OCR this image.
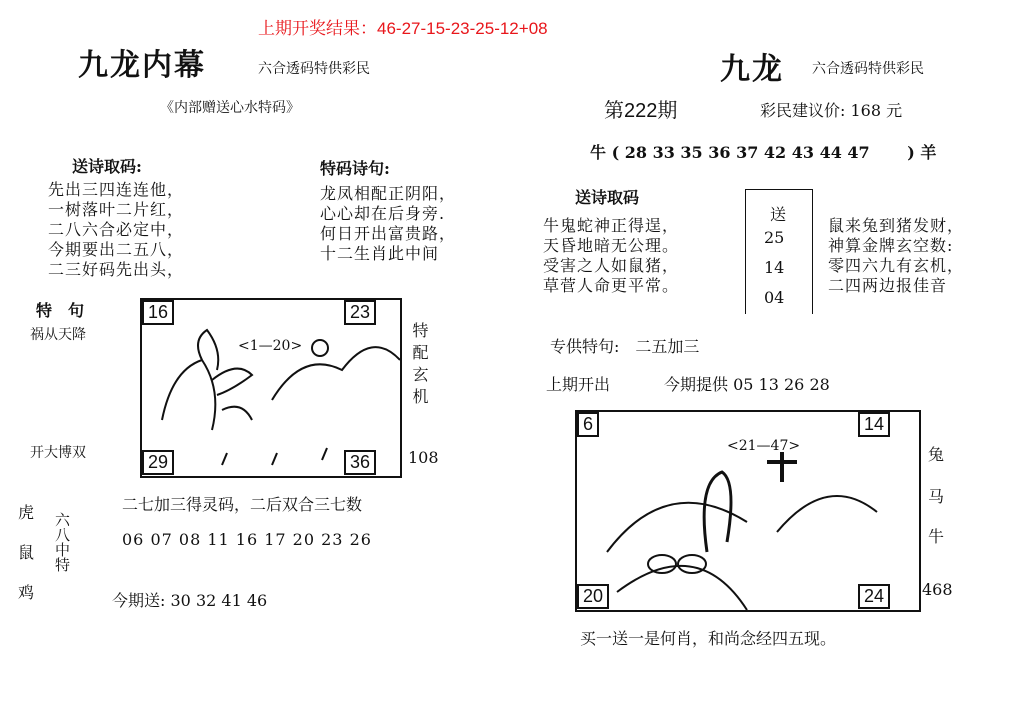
上期开奖结果：46-27-15-23-25-12+08
九龙内幕	六合透码特供彩民
《内部赠送心水特码》
送诗取码:
先出三四连连他，
一树落叶二片红，
二八六合必定中，
今期要出二五八，
二三好码先出头，
特码诗句:
龙凤相配正阴阳，
心心却在后身旁.
何日开出富贵路，
十二生肖此中间
特　句
祸从天降
开大博双
<1—20>
16	23
29	36
特配玄机
108
二七加三得灵码，二后双合三七数
虎
鼠
鸡
六八中特	06 07 08 11 16 17 20 23 26
今期送: 30 32 41 46
九龙 六合透码特供彩民
第222期	彩民建议价: 168 元
牛 ( 28 33 35 36 37 42 43 44 47　　 ) 羊
送诗取码
牛鬼蛇神正得逞，
天昏地暗无公理。
受害之人如鼠猪，
草菅人命更平常。
送
25
14
04
鼠来兔到猪发财，
神算金牌玄空数:
零四六九有玄机，
二四两边报佳音
专供特句:　 二五加三
上期开出	今期提供 05 13 26 28
<21—47>
6	14
20	24
兔
马
牛
468
买一送一是何肖，和尚念经四五现。
